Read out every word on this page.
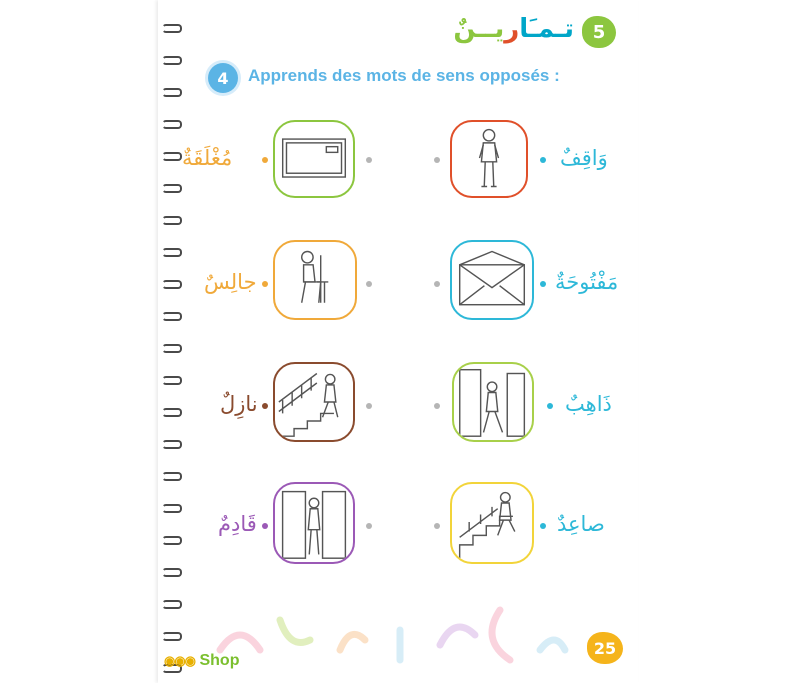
تـمـَاريــنٌ	5
4	Apprends des mots de sens opposés :
وَاقِفٌ
مُغْلَقَةٌ
مَفْتُوحَةٌ
جالِسٌ
ذَاهِبٌ
نازِلٌ
صاعِدٌ
قَادِمٌ
◉◉◉ Shop
25
